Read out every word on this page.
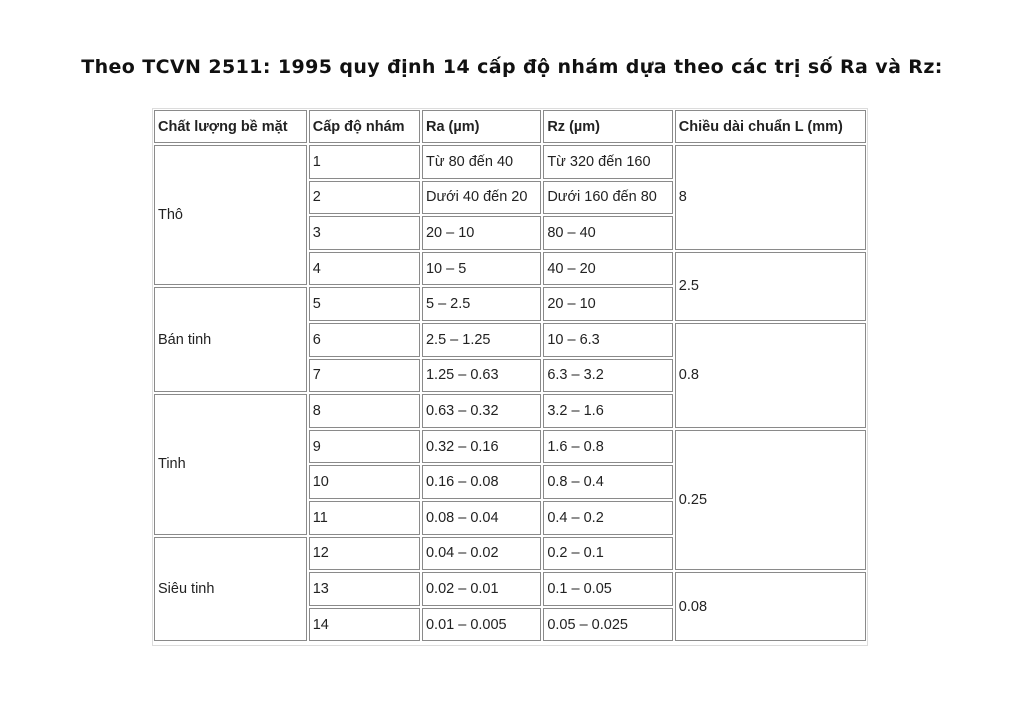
Theo TCVN 2511: 1995 quy định 14 cấp độ nhám dựa theo các trị số Ra và Rz:
Chất lượng bề mặt	Cấp độ nhám	Ra (µm)	Rz (µm)	Chiều dài chuẩn L (mm)
Thô	1	Từ 80 đến 40	Từ 320 đến 160	8
	2	Dưới 40 đến 20	Dưới 160 đến 80	
	3	20 – 10	80 – 40	
	4	10 – 5	40 – 20	2.5
Bán tinh	5	5 – 2.5	20 – 10	
	6	2.5 – 1.25	10 – 6.3	0.8
	7	1.25 – 0.63	6.3 – 3.2	
Tinh	8	0.63 – 0.32	3.2 – 1.6	
	9	0.32 – 0.16	1.6 – 0.8	0.25
	10	0.16 – 0.08	0.8 – 0.4	
	11	0.08 – 0.04	0.4 – 0.2	
Siêu tinh	12	0.04 – 0.02	0.2 – 0.1	
	13	0.02 – 0.01	0.1 – 0.05	0.08
	14	0.01 – 0.005	0.05 – 0.025	
